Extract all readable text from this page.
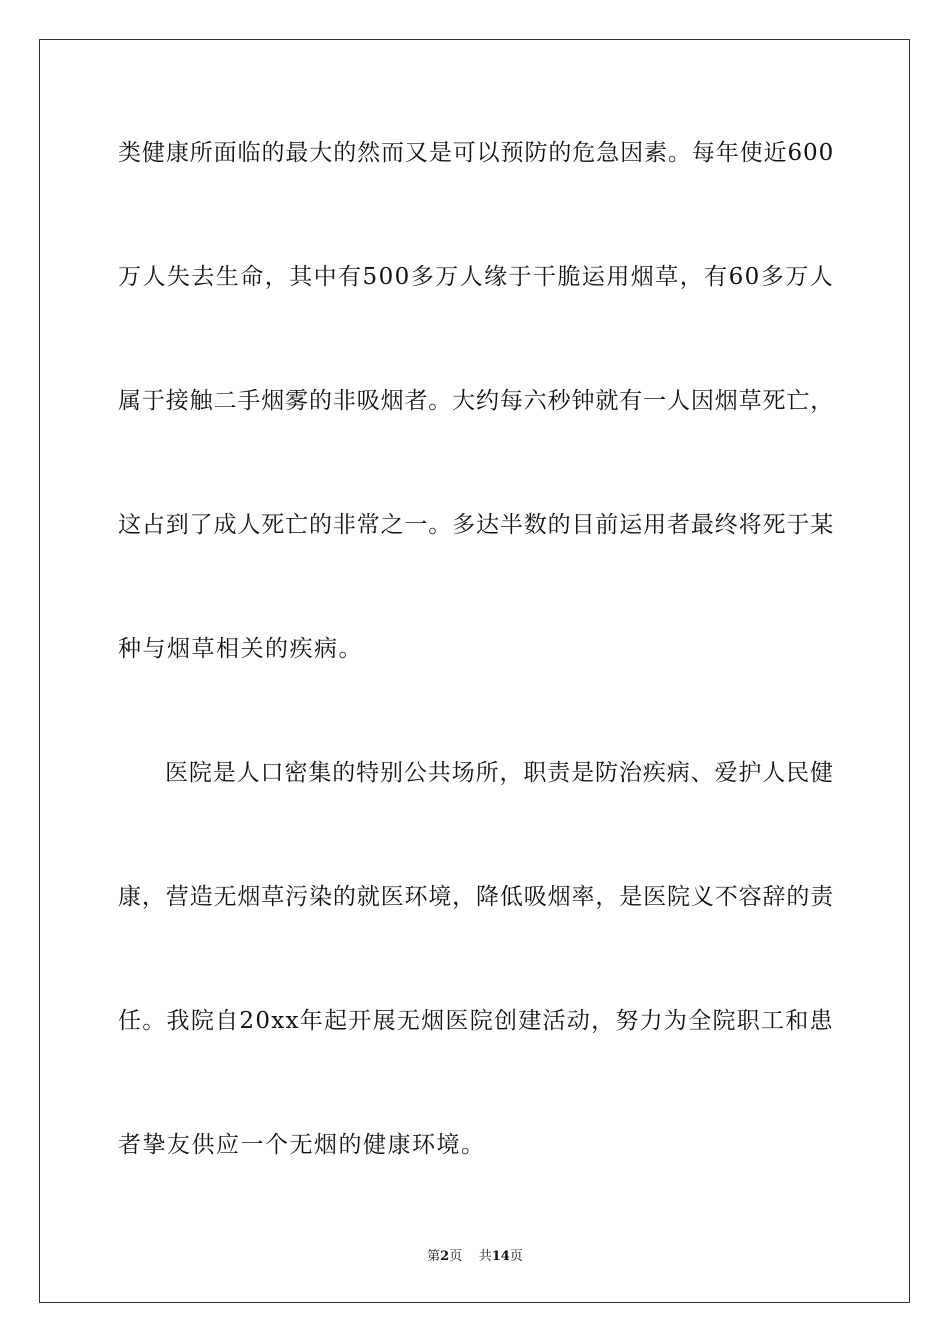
类健康所面临的最大的然而又是可以预防的危急因素。每年使近600
万人失去生命，其中有500多万人缘于干脆运用烟草，有60多万人
属于接触二手烟雾的非吸烟者。大约每六秒钟就有一人因烟草死亡，
这占到了成人死亡的非常之一。多达半数的目前运用者最终将死于某
种与烟草相关的疾病。
医院是人口密集的特别公共场所，职责是防治疾病、爱护人民健
康，营造无烟草污染的就医环境，降低吸烟率，是医院义不容辞的责
任。我院自20xx年起开展无烟医院创建活动，努力为全院职工和患
者挚友供应一个无烟的健康环境。
第2页 共14页
